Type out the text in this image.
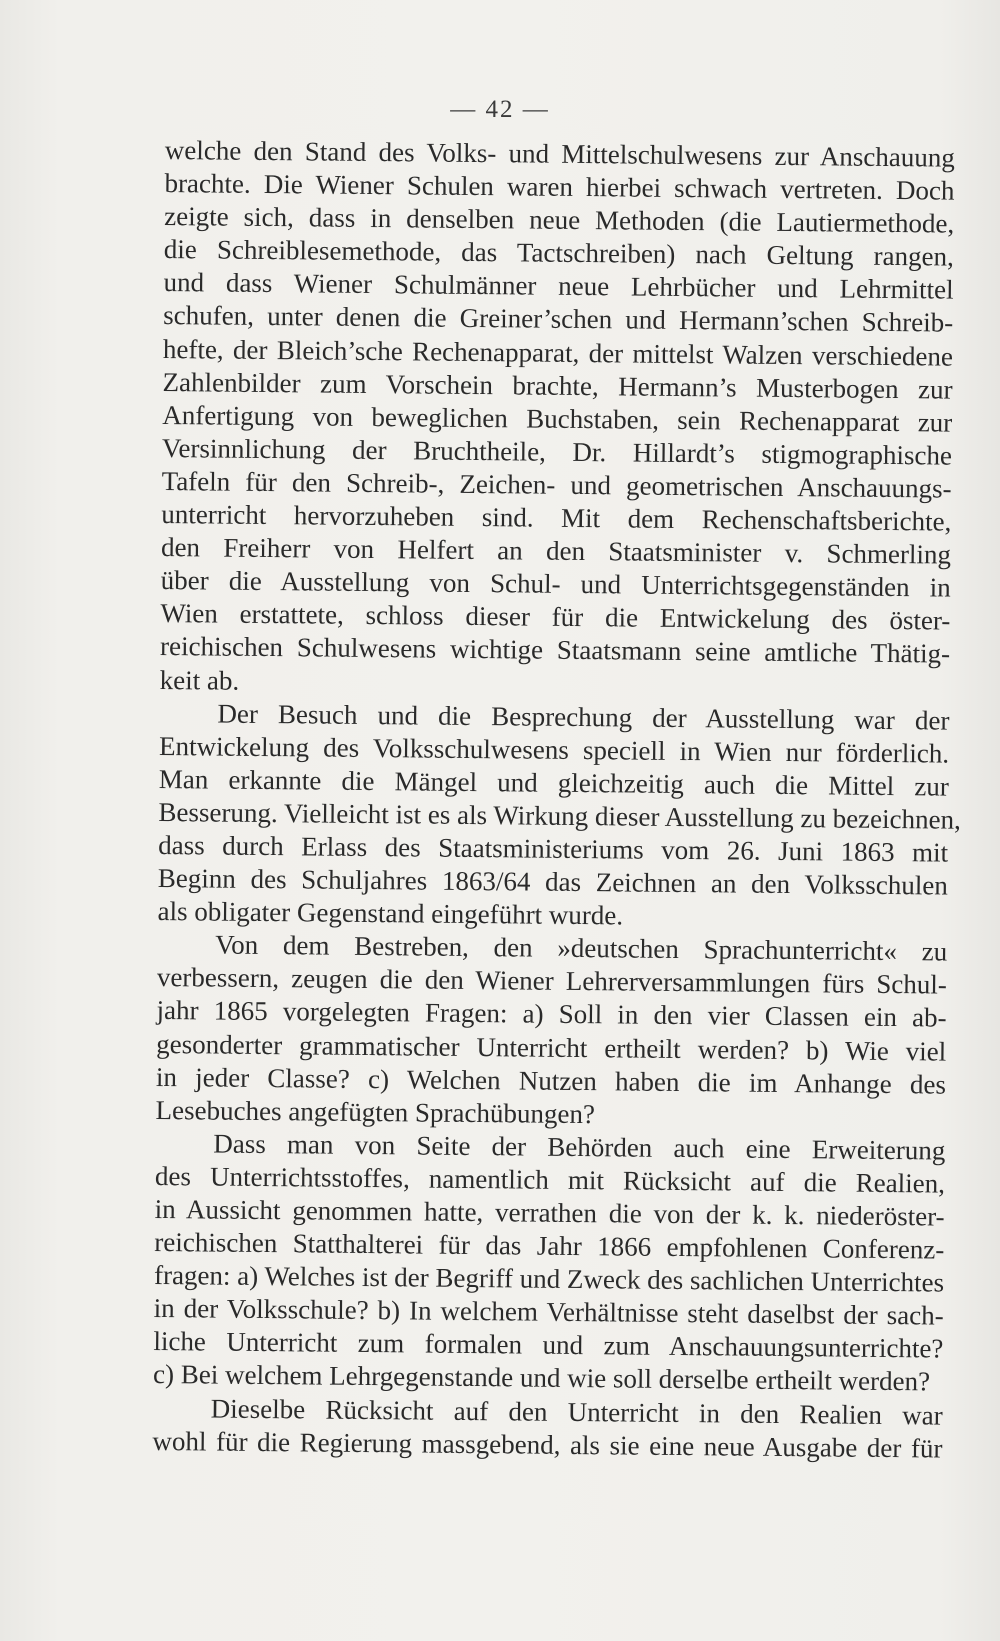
— 42 —
welche den Stand des Volks- und Mittelschulwesens zur Anschauung
brachte. Die Wiener Schulen waren hierbei schwach vertreten. Doch
zeigte sich, dass in denselben neue Methoden (die Lautiermethode,
die Schreiblesemethode, das Tactschreiben) nach Geltung rangen,
und dass Wiener Schulmänner neue Lehrbücher und Lehrmittel
schufen, unter denen die Greiner’schen und Hermann’schen Schreib-
hefte, der Bleich’sche Rechenapparat, der mittelst Walzen verschiedene
Zahlenbilder zum Vorschein brachte, Hermann’s Musterbogen zur
Anfertigung von beweglichen Buchstaben, sein Rechenapparat zur
Versinnlichung der Bruchtheile, Dr. Hillardt’s stigmographische
Tafeln für den Schreib-, Zeichen- und geometrischen Anschauungs-
unterricht hervorzuheben sind. Mit dem Rechenschaftsberichte,
den Freiherr von Helfert an den Staatsminister v. Schmerling
über die Ausstellung von Schul- und Unterrichtsgegenständen in
Wien erstattete, schloss dieser für die Entwickelung des öster-
reichischen Schulwesens wichtige Staatsmann seine amtliche Thätig-
keit ab.
Der Besuch und die Besprechung der Ausstellung war der
Entwickelung des Volksschulwesens speciell in Wien nur förderlich.
Man erkannte die Mängel und gleichzeitig auch die Mittel zur
Besserung. Vielleicht ist es als Wirkung dieser Ausstellung zu bezeichnen,
dass durch Erlass des Staatsministeriums vom 26. Juni 1863 mit
Beginn des Schuljahres 1863/64 das Zeichnen an den Volksschulen
als obligater Gegenstand eingeführt wurde.
Von dem Bestreben, den »deutschen Sprachunterricht« zu
verbessern, zeugen die den Wiener Lehrerversammlungen fürs Schul-
jahr 1865 vorgelegten Fragen: a) Soll in den vier Classen ein ab-
gesonderter grammatischer Unterricht ertheilt werden? b) Wie viel
in jeder Classe? c) Welchen Nutzen haben die im Anhange des
Lesebuches angefügten Sprachübungen?
Dass man von Seite der Behörden auch eine Erweiterung
des Unterrichtsstoffes, namentlich mit Rücksicht auf die Realien,
in Aussicht genommen hatte, verrathen die von der k. k. niederöster-
reichischen Statthalterei für das Jahr 1866 empfohlenen Conferenz-
fragen: a) Welches ist der Begriff und Zweck des sachlichen Unterrichtes
in der Volksschule? b) In welchem Verhältnisse steht daselbst der sach-
liche Unterricht zum formalen und zum Anschauungsunterrichte?
c) Bei welchem Lehrgegenstande und wie soll derselbe ertheilt werden?
Dieselbe Rücksicht auf den Unterricht in den Realien war
wohl für die Regierung massgebend, als sie eine neue Ausgabe der für
